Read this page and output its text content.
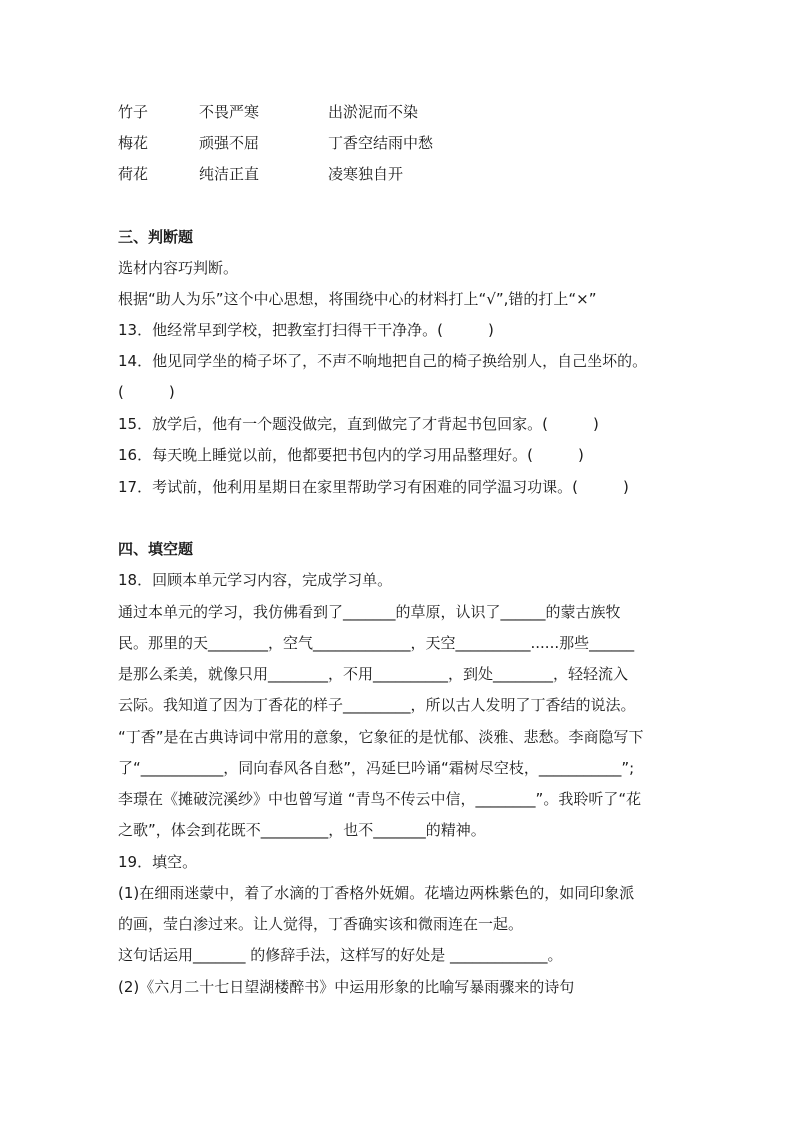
竹子	不畏严寒	出淤泥而不染
梅花	顽强不屈	丁香空结雨中愁
荷花	纯洁正直	凌寒独自开
三、判断题
选材内容巧判断。
根据“助人为乐”这个中心思想，将围绕中心的材料打上“√”,错的打上“×”
13．他经常早到学校，把教室打扫得干干净净。(　　　)
14．他见同学坐的椅子坏了，不声不响地把自己的椅子换给别人，自己坐坏的。
(　　　)
15．放学后，他有一个题没做完，直到做完了才背起书包回家。(　　　)
16．每天晚上睡觉以前，他都要把书包内的学习用品整理好。(　　　)
17．考试前，他利用星期日在家里帮助学习有困难的同学温习功课。(　　　)
四、填空题
18．回顾本单元学习内容，完成学习单。
通过本单元的学习，我仿佛看到了_______的草原，认识了______的蒙古族牧
民。那里的天________，空气_____________，天空__________......那些______
是那么柔美，就像只用________，不用__________，到处________，轻轻流入
云际。我知道了因为丁香花的样子_________，所以古人发明了丁香结的说法。
“丁香”是在古典诗词中常用的意象，它象征的是忧郁、淡雅、悲愁。李商隐写下
了“___________，同向春风各自愁”，冯延巳吟诵“霜树尽空枝，___________”;
李璟在《摊破浣溪纱》中也曾写道 “青鸟不传云中信，________”。我聆听了“花
之歌”，体会到花既不_________，也不_______的精神。
19．填空。
(1)在细雨迷蒙中，着了水滴的丁香格外妩媚。花墙边两株紫色的，如同印象派
的画，莹白渗过来。让人觉得，丁香确实该和微雨连在一起。
这句话运用_______ 的修辞手法，这样写的好处是 _____________。
(2)《六月二十七日望湖楼醉书》中运用形象的比喻写暴雨骤来的诗句
